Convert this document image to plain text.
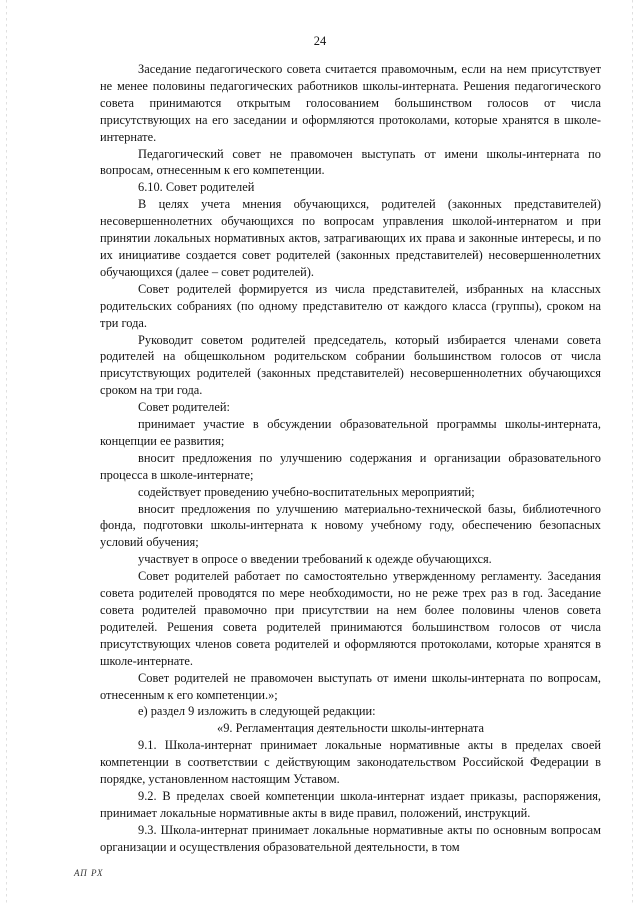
24

Заседание педагогического совета считается правомочным, если на нем присутствует не менее половины педагогических работников школы-интерната. Решения педагогического совета принимаются открытым голосованием большинством голосов от числа присутствующих на его заседании и оформляются протоколами, которые хранятся в школе-интернате.

Педагогический совет не правомочен выступать от имени школы-интерната по вопросам, отнесенным к его компетенции.

6.10. Совет родителей

В целях учета мнения обучающихся, родителей (законных представителей) несовершеннолетних обучающихся по вопросам управления школой-интернатом и при принятии локальных нормативных актов, затрагивающих их права и законные интересы, и по их инициативе создается совет родителей (законных представителей) несовершеннолетних обучающихся (далее – совет родителей).

Совет родителей формируется из числа представителей, избранных на классных родительских собраниях (по одному представителю от каждого класса (группы), сроком на три года.

Руководит советом родителей председатель, который избирается членами совета родителей на общешкольном родительском собрании большинством голосов от числа присутствующих родителей (законных представителей) несовершеннолетних обучающихся сроком на три года.

Совет родителей:

принимает участие в обсуждении образовательной программы школы-интерната, концепции ее развития;

вносит предложения по улучшению содержания и организации образовательного процесса в школе-интернате;

содействует проведению учебно-воспитательных мероприятий;

вносит предложения по улучшению материально-технической базы, библиотечного фонда, подготовки школы-интерната к новому учебному году, обеспечению безопасных условий обучения;

участвует в опросе о введении требований к одежде обучающихся.

Совет родителей работает по самостоятельно утвержденному регламенту. Заседания совета родителей проводятся по мере необходимости, но не реже трех раз в год. Заседание совета родителей правомочно при присутствии на нем более половины членов совета родителей. Решения совета родителей принимаются большинством голосов от числа присутствующих членов совета родителей и оформляются протоколами, которые хранятся в школе-интернате.

Совет родителей не правомочен выступать от имени школы-интерната по вопросам, отнесенным к его компетенции.»;

е) раздел 9 изложить в следующей редакции:

«9. Регламентация деятельности школы-интерната

9.1. Школа-интернат принимает локальные нормативные акты в пределах своей компетенции в соответствии с действующим законодательством Российской Федерации в порядке, установленном настоящим Уставом.

9.2. В пределах своей компетенции школа-интернат издает приказы, распоряжения, принимает локальные нормативные акты в виде правил, положений, инструкций.

9.3. Школа-интернат принимает локальные нормативные акты по основным вопросам организации и осуществления образовательной деятельности, в том

АП РХ
